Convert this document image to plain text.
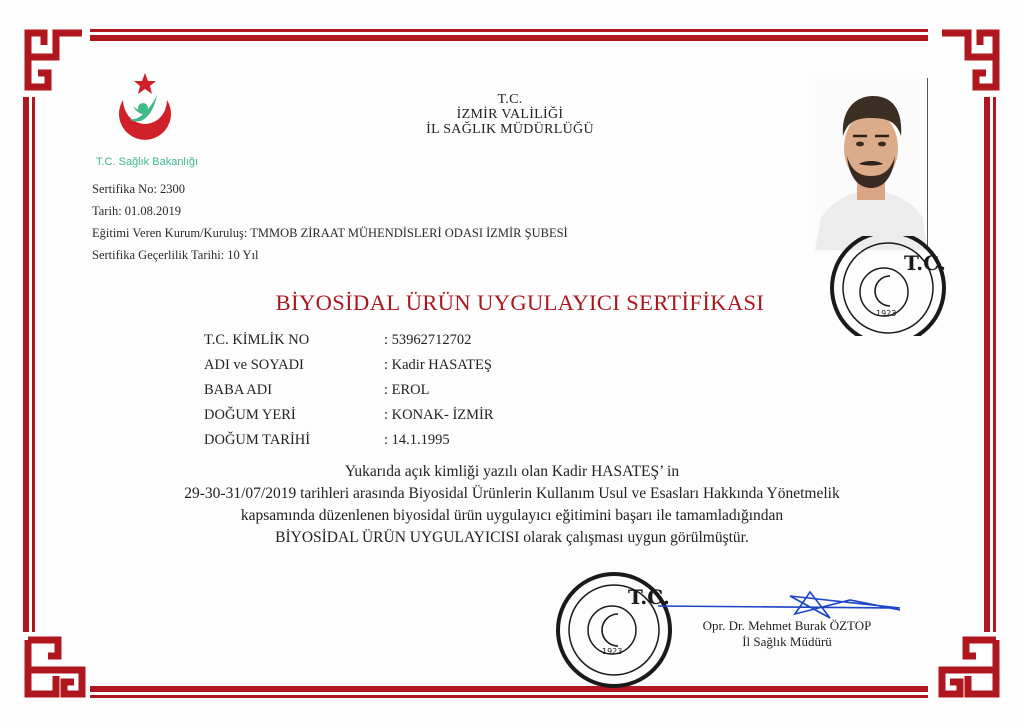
T.C. Sağlık Bakanlığı
T.C.
İZMİR VALİLİĞİ
İL SAĞLIK MÜDÜRLÜĞÜ
Sertifika No: 2300
Tarih: 01.08.2019
Eğitimi Veren Kurum/Kuruluş: TMMOB ZİRAAT MÜHENDİSLERİ ODASI İZMİR ŞUBESİ
Sertifika Geçerlilik Tarihi: 10 Yıl	T.C.
1923
BİYOSİDAL ÜRÜN UYGULAYICI SERTİFİKASI
T.C. KİMLİK NO	: 53962712702
ADI ve SOYADI	: Kadir HASATEŞ
BABA ADI	: EROL
DOĞUM YERİ	: KONAK- İZMİR
DOĞUM TARİHİ	: 14.1.1995
Yukarıda açık kimliği yazılı olan Kadir HASATEŞ’ in
29-30-31/07/2019 tarihleri arasında Biyosidal Ürünlerin Kullanım Usul ve Esasları Hakkında Yönetmelik
kapsamında düzenlenen biyosidal ürün uygulayıcı eğitimini başarı ile tamamladığından
BİYOSİDAL ÜRÜN UYGULAYICISI olarak çalışması uygun görülmüştür.
T.C.
1923
Opr. Dr. Mehmet Burak ÖZTOP
İl Sağlık Müdürü
